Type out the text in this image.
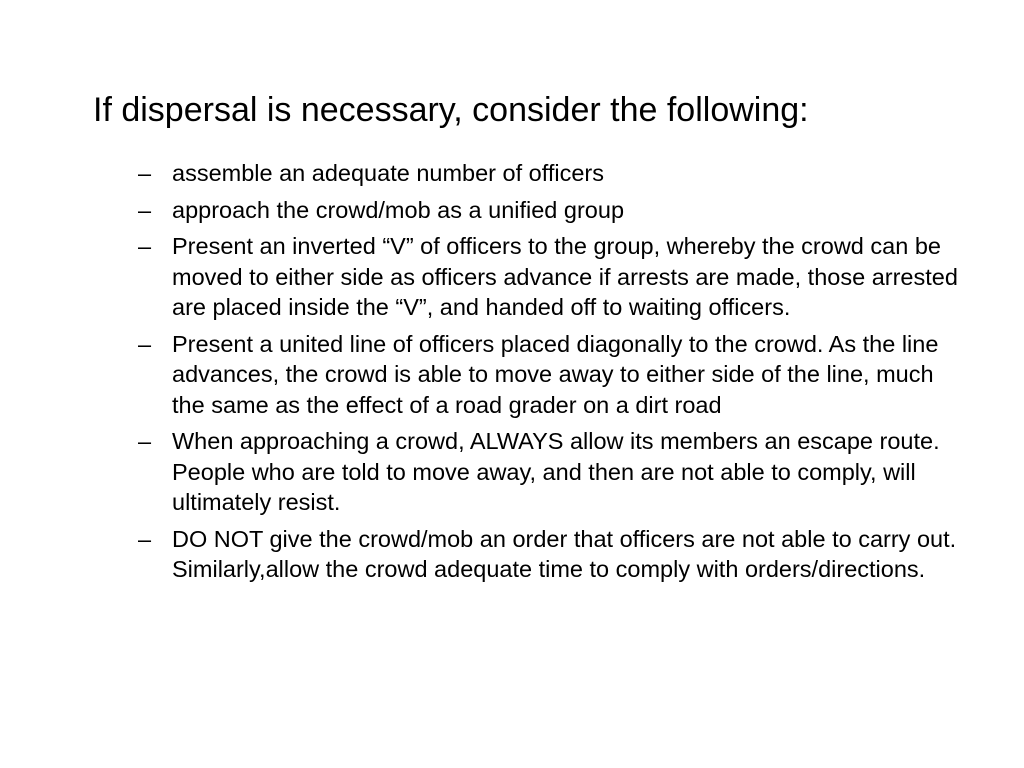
If dispersal is necessary, consider the following:
– assemble an adequate number of officers
– approach the crowd/mob as a unified group
– Present an inverted “V” of officers to the group, whereby the crowd can be moved to either side as officers advance if arrests are made, those arrested are placed inside the “V”, and handed off to waiting officers.
– Present a united line of officers placed diagonally to the crowd. As the line advances, the crowd is able to move away to either side of the line, much the same as the effect of a road grader on a dirt road
– When approaching a crowd, ALWAYS allow its members an escape route. People who are told to move away, and then are not able to comply, will ultimately resist.
– DO NOT give the crowd/mob an order that officers are not able to carry out. Similarly,allow the crowd adequate time to comply with orders/directions.
